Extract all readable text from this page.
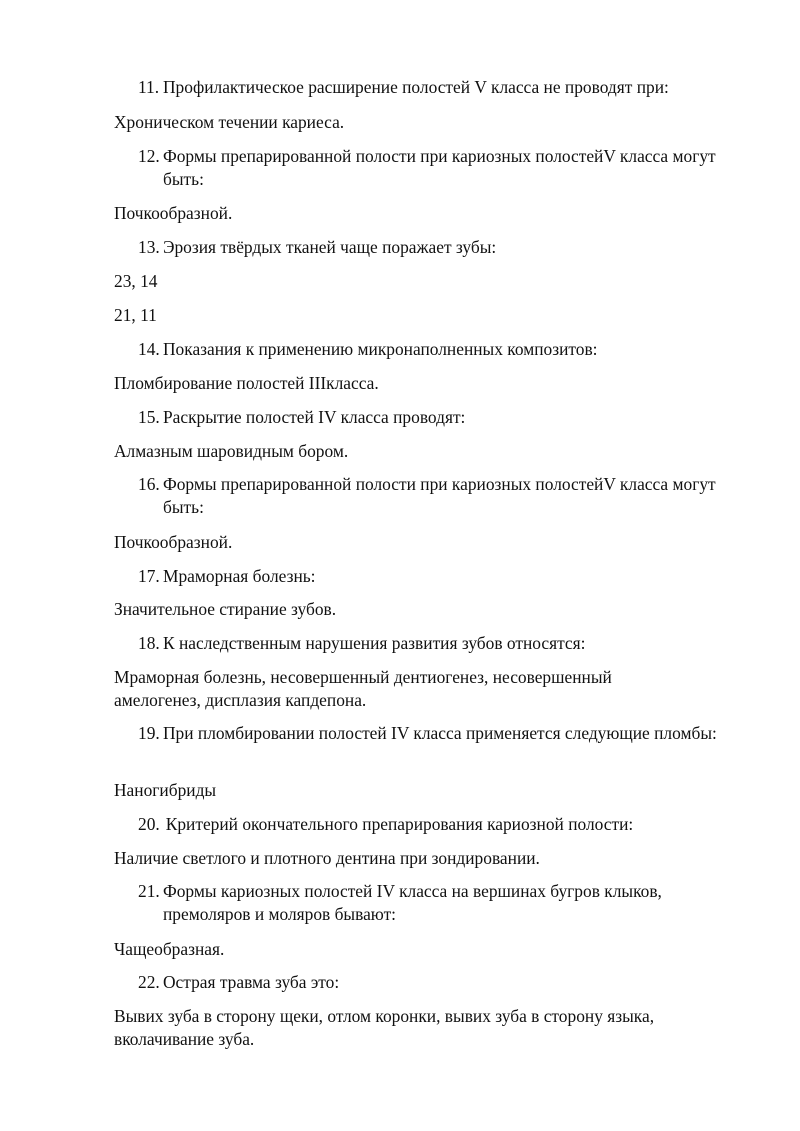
11. Профилактическое расширение полостей V класса не проводят при:
Хроническом течении кариеса.
12. Формы препарированной полости при кариозных полостейV класса могут быть:
Почкообразной.
13. Эрозия твёрдых тканей чаще поражает зубы:
23, 14
21, 11
14. Показания к применению микронаполненных композитов:
Пломбирование полостей IIIкласса.
15. Раскрытие полостей IV класса проводят:
Алмазным шаровидным бором.
16. Формы препарированной полости при кариозных полостейV класса могут быть:
Почкообразной.
17. Мраморная болезнь:
Значительное стирание зубов.
18. К наследственным нарушения развития зубов относятся:
Мраморная болезнь, несовершенный дентиогенез, несовершенный амелогенез, дисплазия капдепона.
19. При пломбировании полостей IV класса применяется следующие пломбы:
Наногибриды
20. Критерий окончательного препарирования кариозной полости:
Наличие светлого и плотного дентина при зондировании.
21. Формы кариозных полостей IV класса на вершинах бугров клыков, премоляров и моляров бывают:
Чащеобразная.
22. Острая травма зуба это:
Вывих зуба в сторону щеки, отлом коронки, вывих зуба в сторону языка, вколачивание зуба.
